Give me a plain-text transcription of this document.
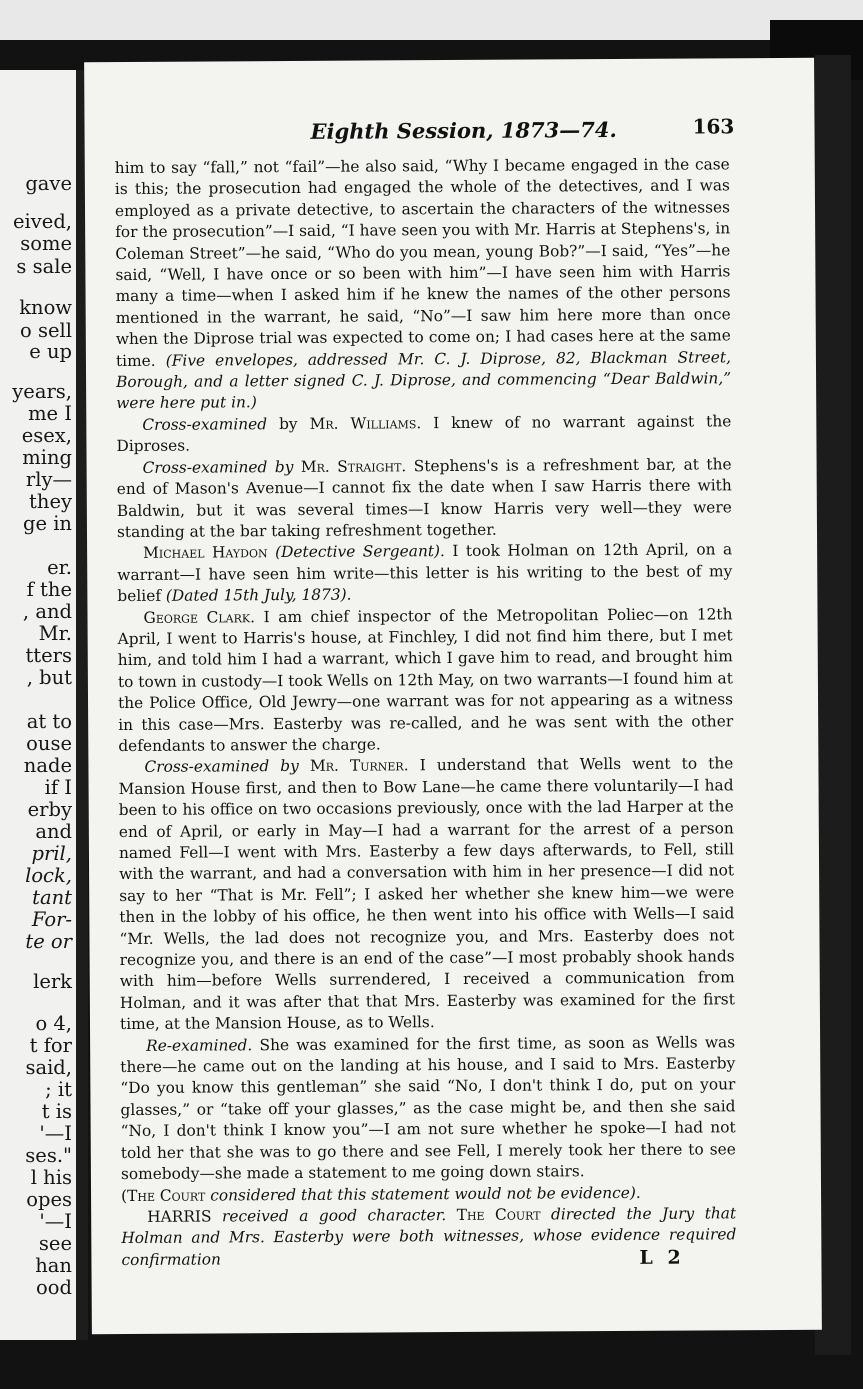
gave
eived,
some
s sale
know
o sell
e up
years,
me I
esex,
ming
rly—
they
ge in
er.
f the
, and
Mr.
tters
, but
at to
ouse
nade
if I
erby
and
pril,
lock,
tant
For-
te or
lerk
o 4,
t for
said,
; it
t is
'—I
ses."
l his
opes
'—I
see
han
ood
Eighth Session, 1873—74.	163

him to say “fall,” not “fail”—he also said, “Why I became engaged in the case is this; the prosecution had engaged the whole of the detectives, and I was employed as a private detective, to ascertain the characters of the witnesses for the prosecution”—I said, “I have seen you with Mr. Harris at Stephens's, in Coleman Street”—he said, “Who do you mean, young Bob?”—I said, “Yes”—he said, “Well, I have once or so been with him”—I have seen him with Harris many a time—when I asked him if he knew the names of the other persons mentioned in the warrant, he said, “No”—I saw him here more than once when the Diprose trial was expected to come on; I had cases here at the same time. (Five envelopes, addressed Mr. C. J. Diprose, 82, Blackman Street, Borough, and a letter signed C. J. Diprose, and commencing “Dear Baldwin,” were here put in.)

Cross-examined by Mr. Williams. I knew of no warrant against the Diproses.

Cross-examined by Mr. Straight. Stephens's is a refreshment bar, at the end of Mason's Avenue—I cannot fix the date when I saw Harris there with Baldwin, but it was several times—I know Harris very well—they were standing at the bar taking refreshment together.

Michael Haydon (Detective Sergeant). I took Holman on 12th April, on a warrant—I have seen him write—this letter is his writing to the best of my belief (Dated 15th July, 1873).

George Clark. I am chief inspector of the Metropolitan Poliec—on 12th April, I went to Harris's house, at Finchley, I did not find him there, but I met him, and told him I had a warrant, which I gave him to read, and brought him to town in custody—I took Wells on 12th May, on two warrants—I found him at the Police Office, Old Jewry—one warrant was for not appearing as a witness in this case—Mrs. Easterby was re-called, and he was sent with the other defendants to answer the charge.

Cross-examined by Mr. Turner. I understand that Wells went to the Mansion House first, and then to Bow Lane—he came there voluntarily—I had been to his office on two occasions previously, once with the lad Harper at the end of April, or early in May—I had a warrant for the arrest of a person named Fell—I went with Mrs. Easterby a few days afterwards, to Fell, still with the warrant, and had a conversation with him in her presence—I did not say to her “That is Mr. Fell”; I asked her whether she knew him—we were then in the lobby of his office, he then went into his office with Wells—I said “Mr. Wells, the lad does not recognize you, and Mrs. Easterby does not recognize you, and there is an end of the case”—I most probably shook hands with him—before Wells surrendered, I received a communication from Holman, and it was after that that Mrs. Easterby was examined for the first time, at the Mansion House, as to Wells.

Re-examined. She was examined for the first time, as soon as Wells was there—he came out on the landing at his house, and I said to Mrs. Easterby “Do you know this gentleman” she said “No, I don't think I do, put on your glasses,” or “take off your glasses,” as the case might be, and then she said “No, I don't think I know you”—I am not sure whether he spoke—I had not told her that she was to go there and see Fell, I merely took her there to see somebody—she made a statement to me going down stairs.

(The Court considered that this statement would not be evidence).

HARRIS received a good character. The Court directed the Jury that Holman and Mrs. Easterby were both witnesses, whose evidence required confirmation	L 2
